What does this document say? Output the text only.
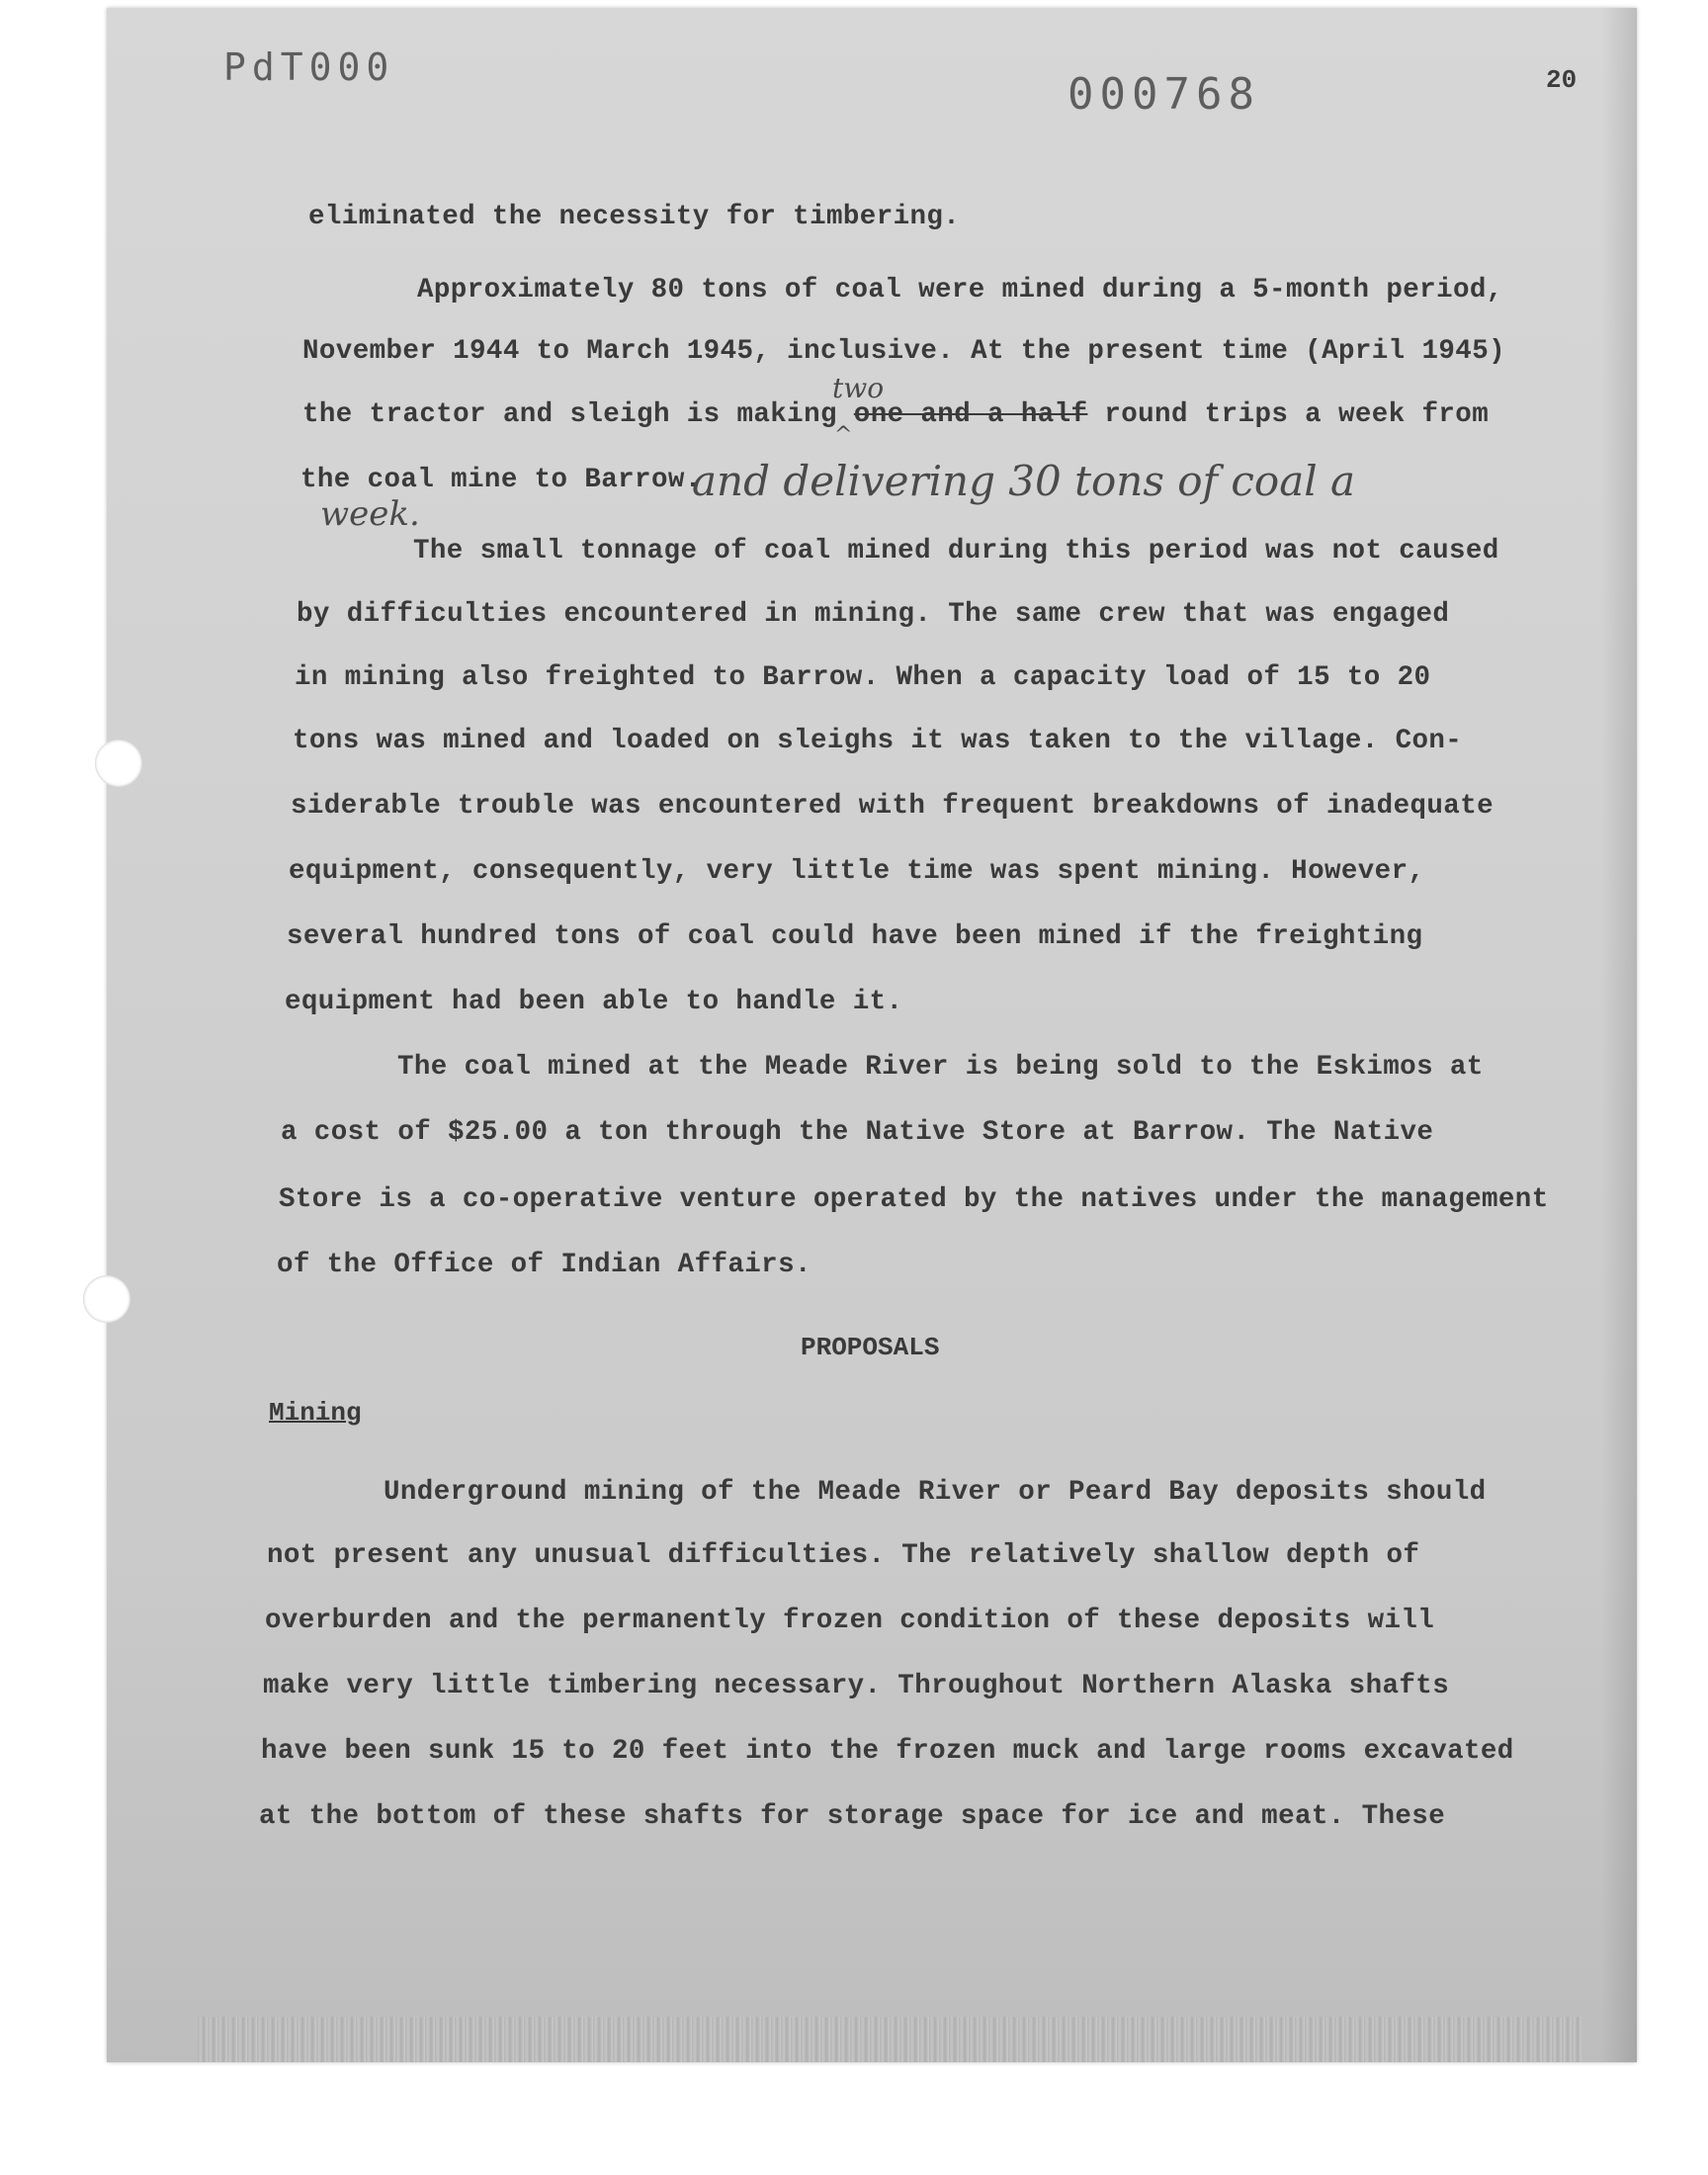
PdT000
000768	20
eliminated the necessity for timbering.
Approximately 80 tons of coal were mined during a 5-month period,
November 1944 to March 1945, inclusive. At the present time (April 1945)
the tractor and sleigh is making one and a half round trips a week from
two
^
the coal mine to Barrow.
and delivering 30 tons of coal a
week.
The small tonnage of coal mined during this period was not caused
by difficulties encountered in mining. The same crew that was engaged
in mining also freighted to Barrow. When a capacity load of 15 to 20
tons was mined and loaded on sleighs it was taken to the village. Con-
siderable trouble was encountered with frequent breakdowns of inadequate
equipment, consequently, very little time was spent mining. However,
several hundred tons of coal could have been mined if the freighting
equipment had been able to handle it.
The coal mined at the Meade River is being sold to the Eskimos at
a cost of $25.00 a ton through the Native Store at Barrow. The Native
Store is a co-operative venture operated by the natives under the management
of the Office of Indian Affairs.
PROPOSALS
Mining
Underground mining of the Meade River or Peard Bay deposits should
not present any unusual difficulties. The relatively shallow depth of
overburden and the permanently frozen condition of these deposits will
make very little timbering necessary. Throughout Northern Alaska shafts
have been sunk 15 to 20 feet into the frozen muck and large rooms excavated
at the bottom of these shafts for storage space for ice and meat. These
